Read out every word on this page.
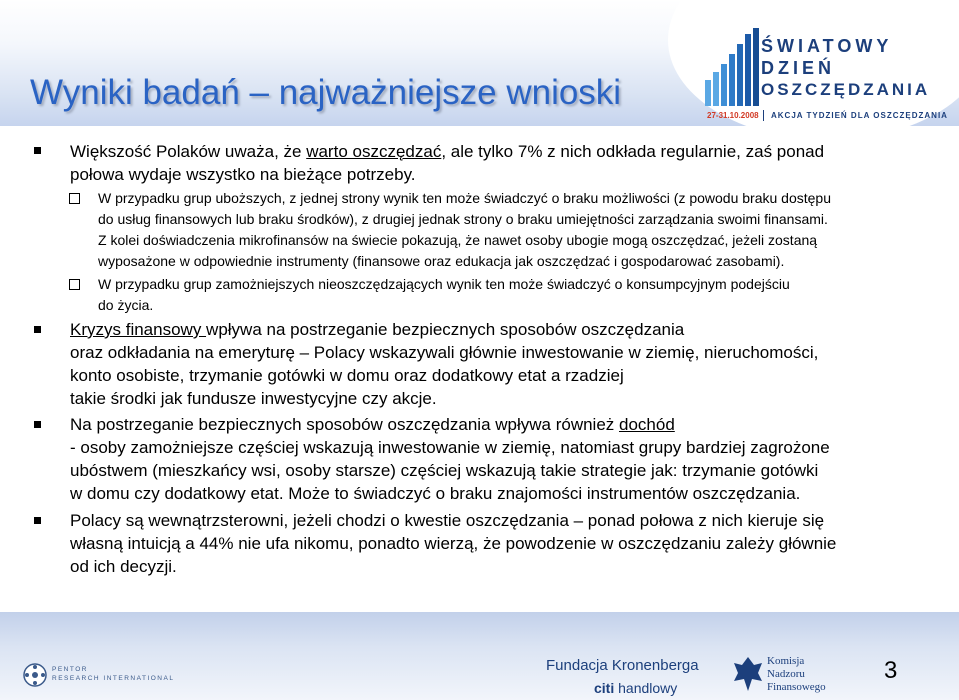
Wyniki badań – najważniejsze wnioski
ŚWIATOWY
DZIEŃ
OSZCZĘDZANIA
27-31.10.2008 AKCJA TYDZIEŃ DLA OSZCZĘDZANIA
Większość Polaków uważa, że warto oszczędzać, ale tylko 7% z nich odkłada regularnie, zaś ponad
połowa wydaje wszystko na bieżące potrzeby.
W przypadku grup uboższych, z jednej strony wynik ten może świadczyć o braku możliwości (z powodu braku dostępu
do usług finansowych lub braku środków), z drugiej jednak strony o braku umiejętności zarządzania swoimi finansami.
Z kolei doświadczenia mikrofinansów na świecie pokazują, że nawet osoby ubogie mogą oszczędzać, jeżeli zostaną
wyposażone w odpowiednie instrumenty (finansowe oraz edukacja jak oszczędzać i gospodarować zasobami).
W przypadku grup zamożniejszych nieoszczędzających wynik ten może świadczyć o konsumpcyjnym podejściu
do życia.
Kryzys finansowy wpływa na postrzeganie bezpiecznych sposobów oszczędzania
oraz odkładania na emeryturę – Polacy wskazywali głównie inwestowanie w ziemię, nieruchomości,
konto osobiste, trzymanie gotówki w domu oraz dodatkowy etat a rzadziej
takie środki jak fundusze inwestycyjne czy akcje.
Na postrzeganie bezpiecznych sposobów oszczędzania wpływa również dochód
- osoby zamożniejsze częściej wskazują inwestowanie w ziemię, natomiast grupy bardziej zagrożone
ubóstwem (mieszkańcy wsi, osoby starsze) częściej wskazują takie strategie jak: trzymanie gotówki
w domu czy dodatkowy etat. Może to świadczyć o braku znajomości instrumentów oszczędzania.
Polacy są wewnątrzsterowni, jeżeli chodzi o kwestie oszczędzania – ponad połowa z nich kieruje się
własną intuicją a 44% nie ufa nikomu, ponadto wierzą, że powodzenie w oszczędzaniu zależy głównie
od ich decyzji.
PENTOR
RESEARCH INTERNATIONAL
Fundacja Kronenberga
citi handlowy
Komisja
Nadzoru
Finansowego
3
